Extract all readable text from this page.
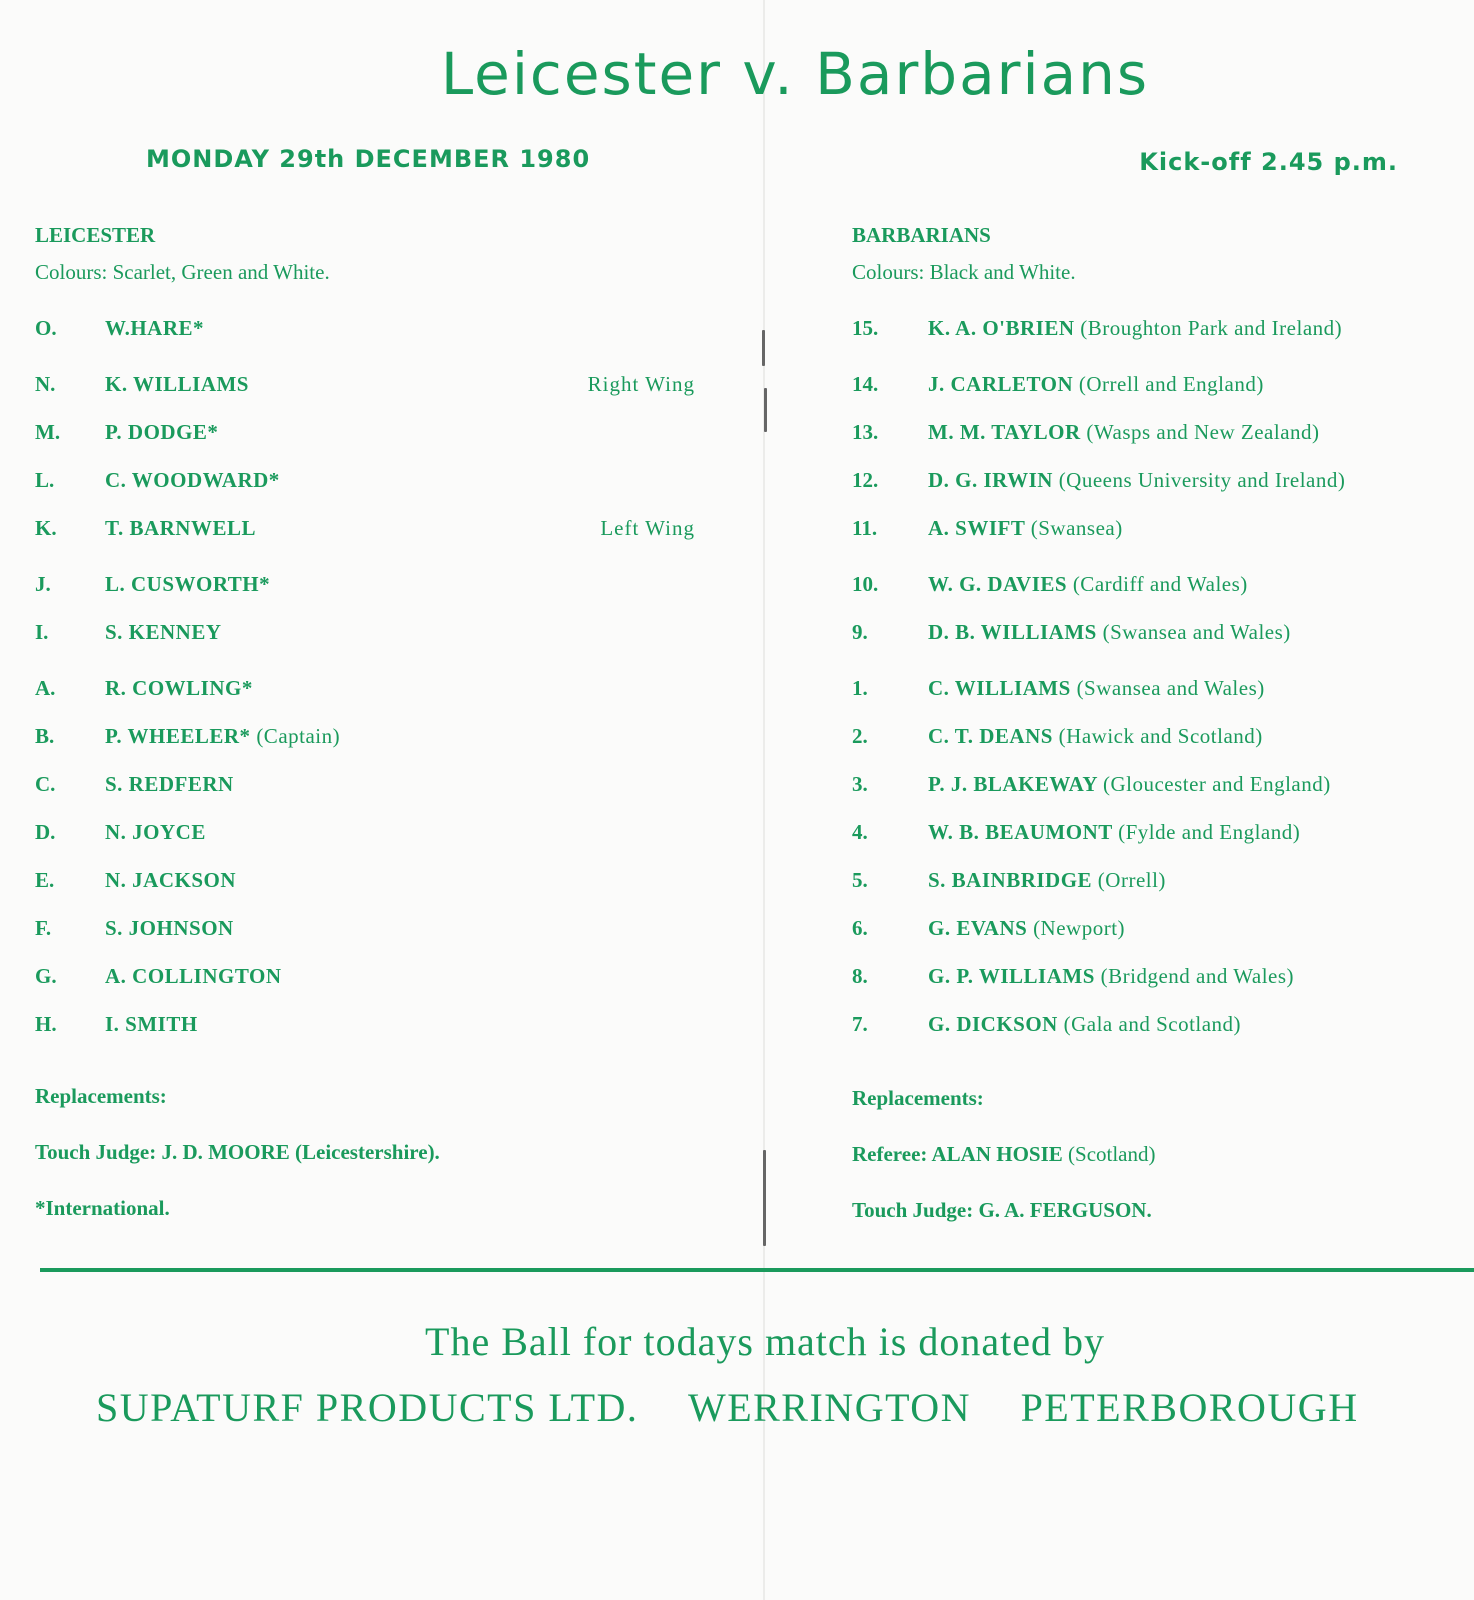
Leicester v. Barbarians
MONDAY 29th DECEMBER 1980	Kick-off 2.45 p.m.
LEICESTER
Colours: Scarlet, Green and White.
O. W.HARE*
N. K. WILLIAMS	Right Wing
M. P. DODGE*
L. C. WOODWARD*
K. T. BARNWELL	Left Wing
J.	L. CUSWORTH*
I.	S. KENNEY
A. R. COWLING*
B. P. WHEELER* (Captain)
C. S. REDFERN
D. N. JOYCE
E. N. JACKSON
F.	S. JOHNSON
G. A. COLLINGTON
H. I. SMITH
BARBARIANS
Colours: Black and White.
15. K. A. O'BRIEN (Broughton Park and Ireland)
14. J. CARLETON (Orrell and England)
13. M. M. TAYLOR (Wasps and New Zealand)
12. D. G. IRWIN (Queens University and Ireland)
11. A. SWIFT (Swansea)
10. W. G. DAVIES (Cardiff and Wales)
9.	D. B. WILLIAMS (Swansea and Wales)
1.	C. WILLIAMS (Swansea and Wales)
2.	C. T. DEANS (Hawick and Scotland)
3.	P. J. BLAKEWAY (Gloucester and England)
4.	W. B. BEAUMONT (Fylde and England)
5.	S. BAINBRIDGE (Orrell)
6.	G. EVANS (Newport)
8.	G. P. WILLIAMS (Bridgend and Wales)
7.	G. DICKSON (Gala and Scotland)
Replacements:
Touch Judge: J. D. MOORE (Leicestershire).
*International.
Replacements:
Referee: ALAN HOSIE (Scotland)
Touch Judge: G. A. FERGUSON.
The Ball for todays match is donated by
SUPATURF PRODUCTS LTD. WERRINGTON PETERBOROUGH
